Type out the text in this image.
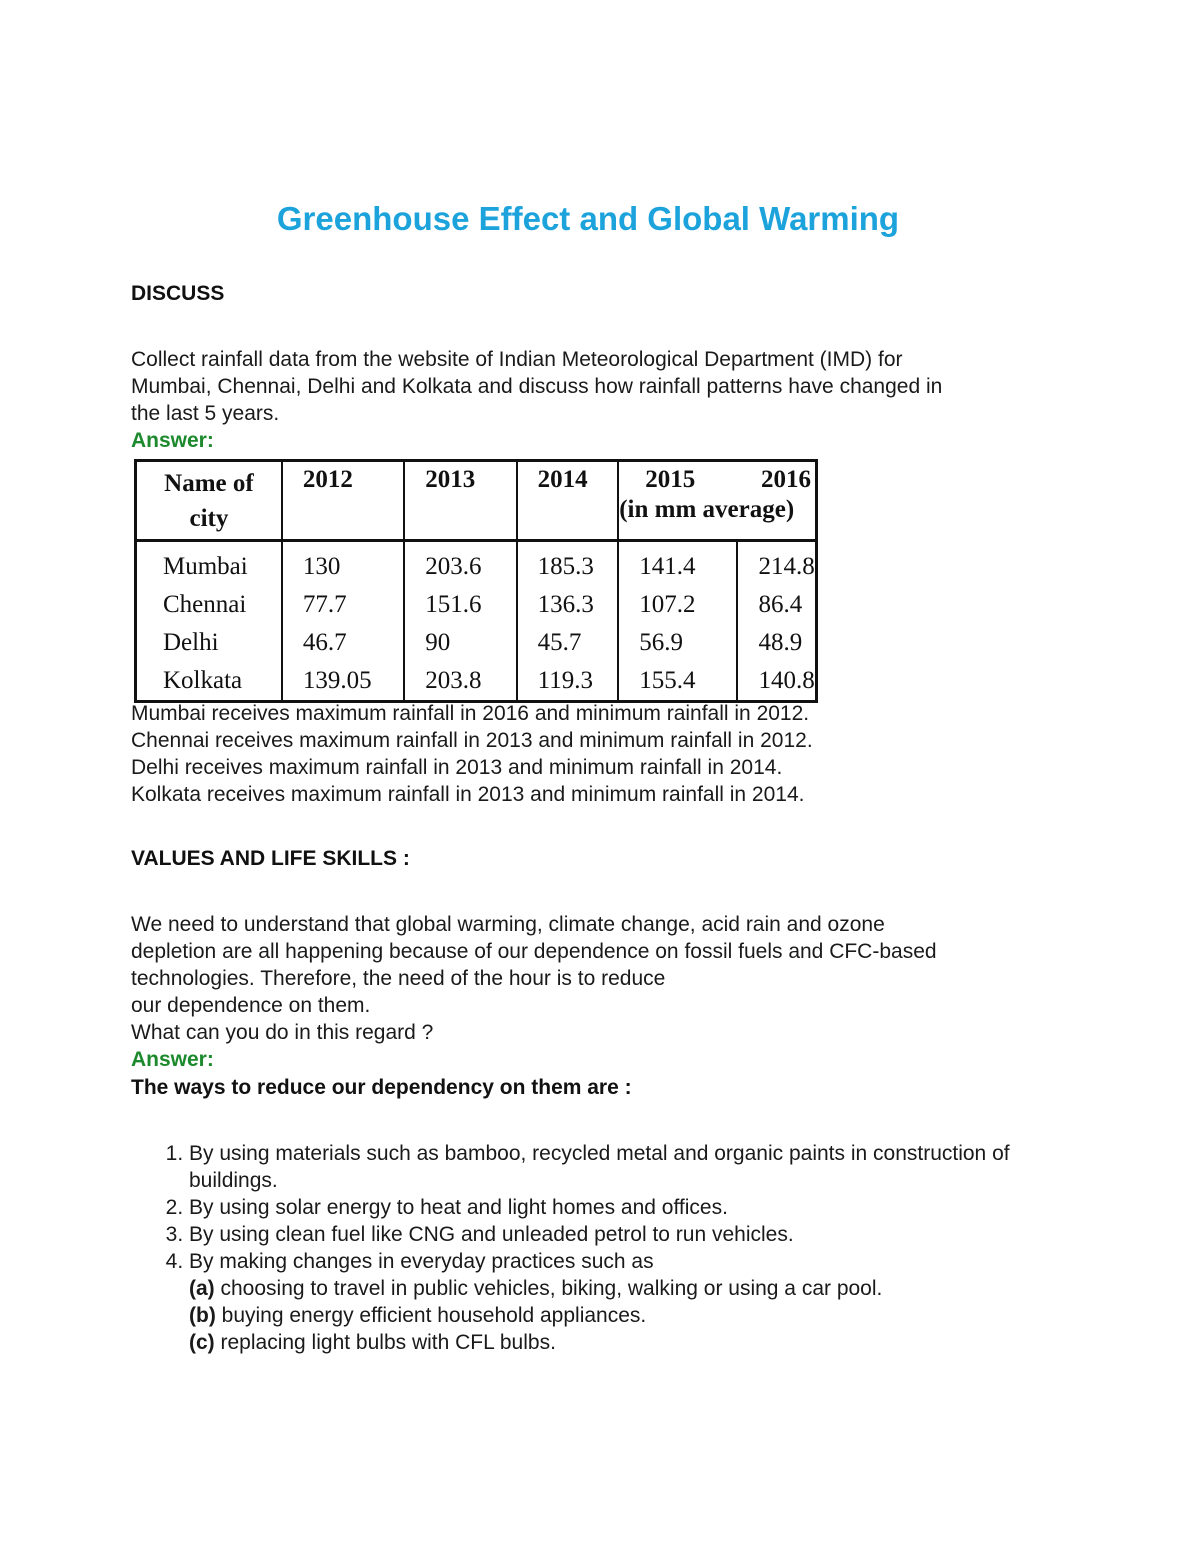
Greenhouse Effect and Global Warming
DISCUSS
Collect rainfall data from the website of Indian Meteorological Department (IMD) for
Mumbai, Chennai, Delhi and Kolkata and discuss how rainfall patterns have changed in
the last 5 years.
Answer:
Name of
city	2012	2013	2014	2015 2016
(in mm average)	

Mumbai	130	203.6	185.3	141.4	214.8
Chennai	77.7	151.6	136.3	107.2	86.4
Delhi	46.7	90	45.7	56.9	48.9
Kolkata	139.05	203.8	119.3	155.4	140.8
Mumbai receives maximum rainfall in 2016 and minimum rainfall in 2012.
Chennai receives maximum rainfall in 2013 and minimum rainfall in 2012.
Delhi receives maximum rainfall in 2013 and minimum rainfall in 2014.
Kolkata receives maximum rainfall in 2013 and minimum rainfall in 2014.
VALUES AND LIFE SKILLS :
We need to understand that global warming, climate change, acid rain and ozone
depletion are all happening because of our dependence on fossil fuels and CFC-based
technologies. Therefore, the need of the hour is to reduce
our dependence on them.
What can you do in this regard ?
Answer:
The ways to reduce our dependency on them are :
1. By using materials such as bamboo, recycled metal and organic paints in construction of buildings.
2. By using solar energy to heat and light homes and offices.
3. By using clean fuel like CNG and unleaded petrol to run vehicles.
4. By making changes in everyday practices such as
(a) choosing to travel in public vehicles, biking, walking or using a car pool.
(b) buying energy efficient household appliances.
(c) replacing light bulbs with CFL bulbs.
